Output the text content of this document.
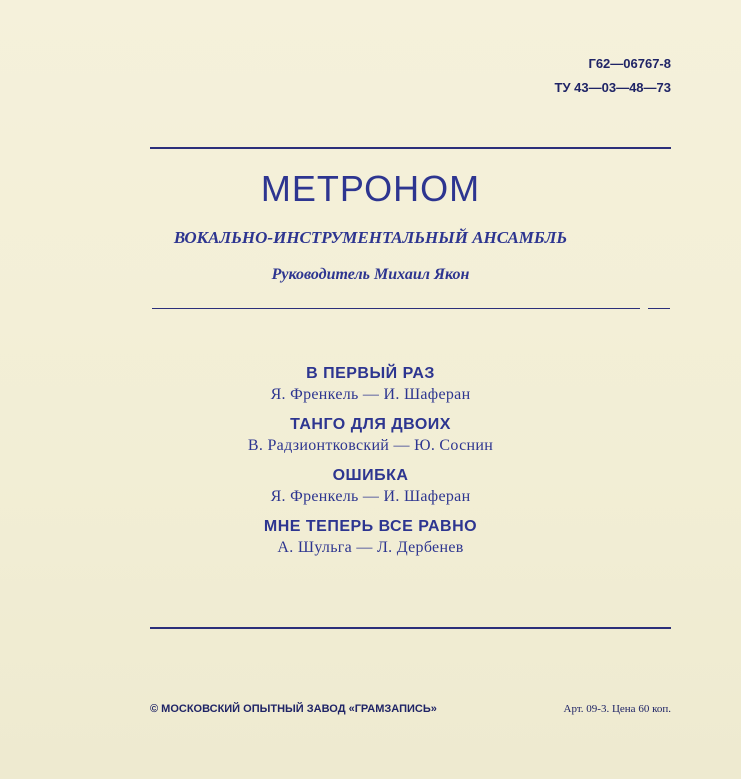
Г62—06767-8
ТУ 43—03—48—73
МЕТРОНОМ
ВОКАЛЬНО-ИНСТРУМЕНТАЛЬНЫЙ АНСАМБЛЬ
Руководитель Михаил Якон
В ПЕРВЫЙ РАЗ
Я. Френкель — И. Шаферан
ТАНГО ДЛЯ ДВОИХ
В. Радзионтковский — Ю. Соснин
ОШИБКА
Я. Френкель — И. Шаферан
МНЕ ТЕПЕРЬ ВСЕ РАВНО
А. Шульга — Л. Дербенев
© МОСКОВСКИЙ ОПЫТНЫЙ ЗАВОД «ГРАМЗАПИСЬ»	Арт. 09-3. Цена 60 коп.
